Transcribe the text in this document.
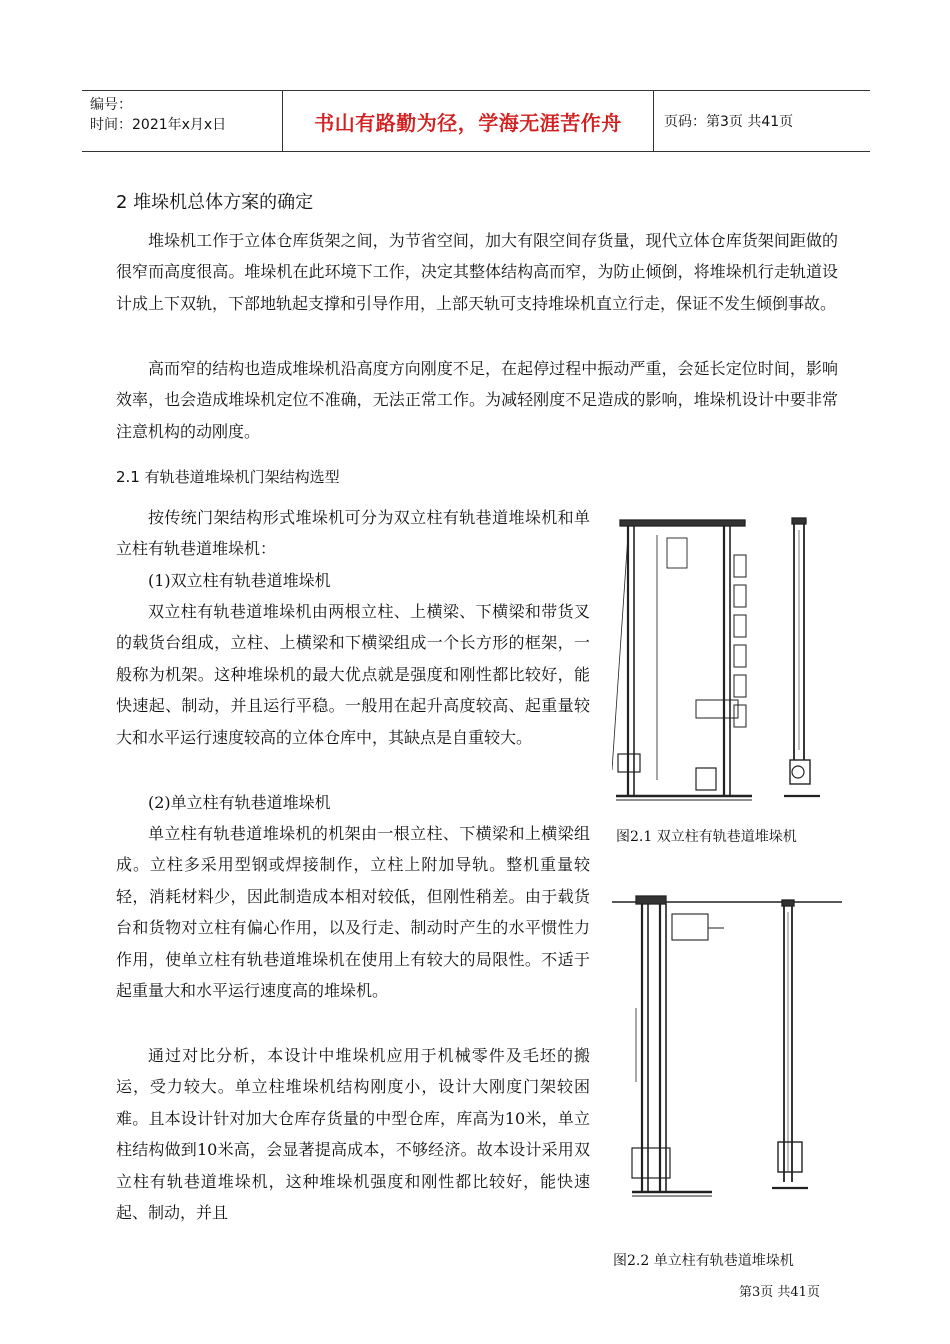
编号：
时间：2021年x月x日	书山有路勤为径，学海无涯苦作舟	页码：第3页 共41页
2 堆垛机总体方案的确定

堆垛机工作于立体仓库货架之间，为节省空间，加大有限空间存货量，现代立体仓库货架间距做的很窄而高度很高。堆垛机在此环境下工作，决定其整体结构高而窄，为防止倾倒，将堆垛机行走轨道设计成上下双轨，下部地轨起支撑和引导作用，上部天轨可支持堆垛机直立行走，保证不发生倾倒事故。

高而窄的结构也造成堆垛机沿高度方向刚度不足，在起停过程中振动严重，会延长定位时间，影响效率，也会造成堆垛机定位不准确，无法正常工作。为减轻刚度不足造成的影响，堆垛机设计中要非常注意机构的动刚度。

2.1 有轨巷道堆垛机门架结构选型

按传统门架结构形式堆垛机可分为双立柱有轨巷道堆垛机和单立柱有轨巷道堆垛机：

(1)双立柱有轨巷道堆垛机

双立柱有轨巷道堆垛机由两根立柱、上横梁、下横梁和带货叉的载货台组成，立柱、上横梁和下横梁组成一个长方形的框架，一般称为机架。这种堆垛机的最大优点就是强度和刚性都比较好，能快速起、制动，并且运行平稳。一般用在起升高度较高、起重量较大和水平运行速度较高的立体仓库中，其缺点是自重较大。

(2)单立柱有轨巷道堆垛机

单立柱有轨巷道堆垛机的机架由一根立柱、下横梁和上横梁组成。立柱多采用型钢或焊接制作，立柱上附加导轨。整机重量较轻，消耗材料少，因此制造成本相对较低，但刚性稍差。由于载货台和货物对立柱有偏心作用，以及行走、制动时产生的水平惯性力作用，使单立柱有轨巷道堆垛机在使用上有较大的局限性。不适于起重量大和水平运行速度高的堆垛机。

通过对比分析，本设计中堆垛机应用于机械零件及毛坯的搬运，受力较大。单立柱堆垛机结构刚度小，设计大刚度门架较困难。且本设计针对加大仓库存货量的中型仓库，库高为10米，单立柱结构做到10米高，会显著提高成本，不够经济。故本设计采用双立柱有轨巷道堆垛机，这种堆垛机强度和刚性都比较好，能快速起、制动，并且

图2.1 双立柱有轨巷道堆垛机
图2.2 单立柱有轨巷道堆垛机
第3页 共41页
